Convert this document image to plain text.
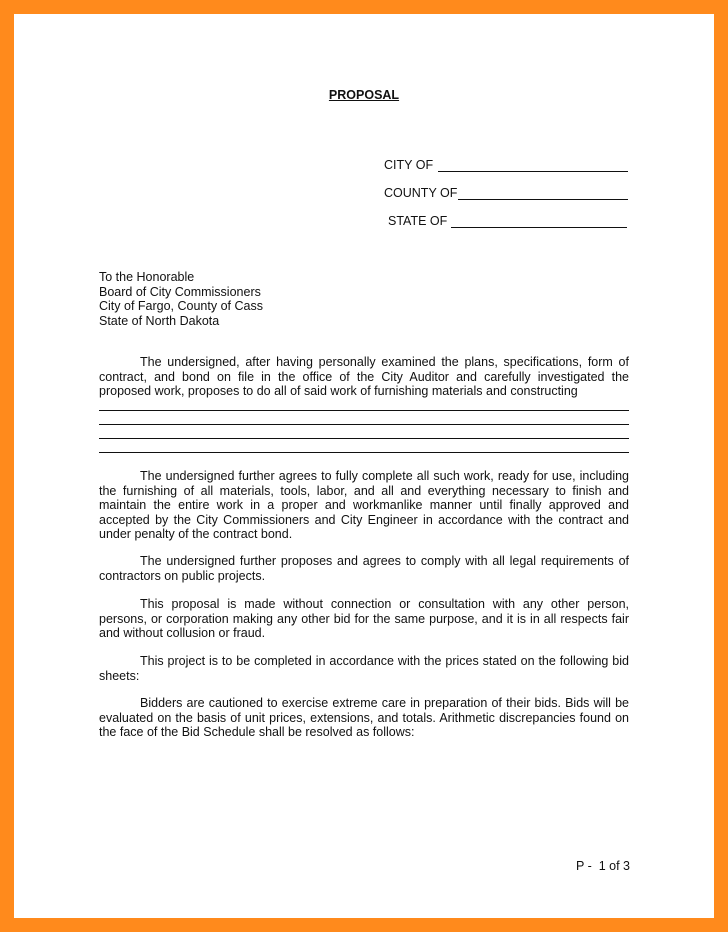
PROPOSAL
CITY OF
COUNTY OF
STATE OF
To the Honorable
Board of City Commissioners
City of Fargo, County of Cass
State of North Dakota
The undersigned, after having personally examined the plans, specifications, form of contract, and bond on file in the office of the City Auditor and carefully investigated the proposed work, proposes to do all of said work of furnishing materials and constructing
The undersigned further agrees to fully complete all such work, ready for use, including the furnishing of all materials, tools, labor, and all and everything necessary to finish and maintain the entire work in a proper and workmanlike manner until finally approved and accepted by the City Commissioners and City Engineer in accordance with the contract and under penalty of the contract bond.
The undersigned further proposes and agrees to comply with all legal requirements of contractors on public projects.
This proposal is made without connection or consultation with any other person, persons, or corporation making any other bid for the same purpose, and it is in all respects fair and without collusion or fraud.
This project is to be completed in accordance with the prices stated on the following bid sheets:
Bidders are cautioned to exercise extreme care in preparation of their bids. Bids will be evaluated on the basis of unit prices, extensions, and totals. Arithmetic discrepancies found on the face of the Bid Schedule shall be resolved as follows:
P -  1 of 3
